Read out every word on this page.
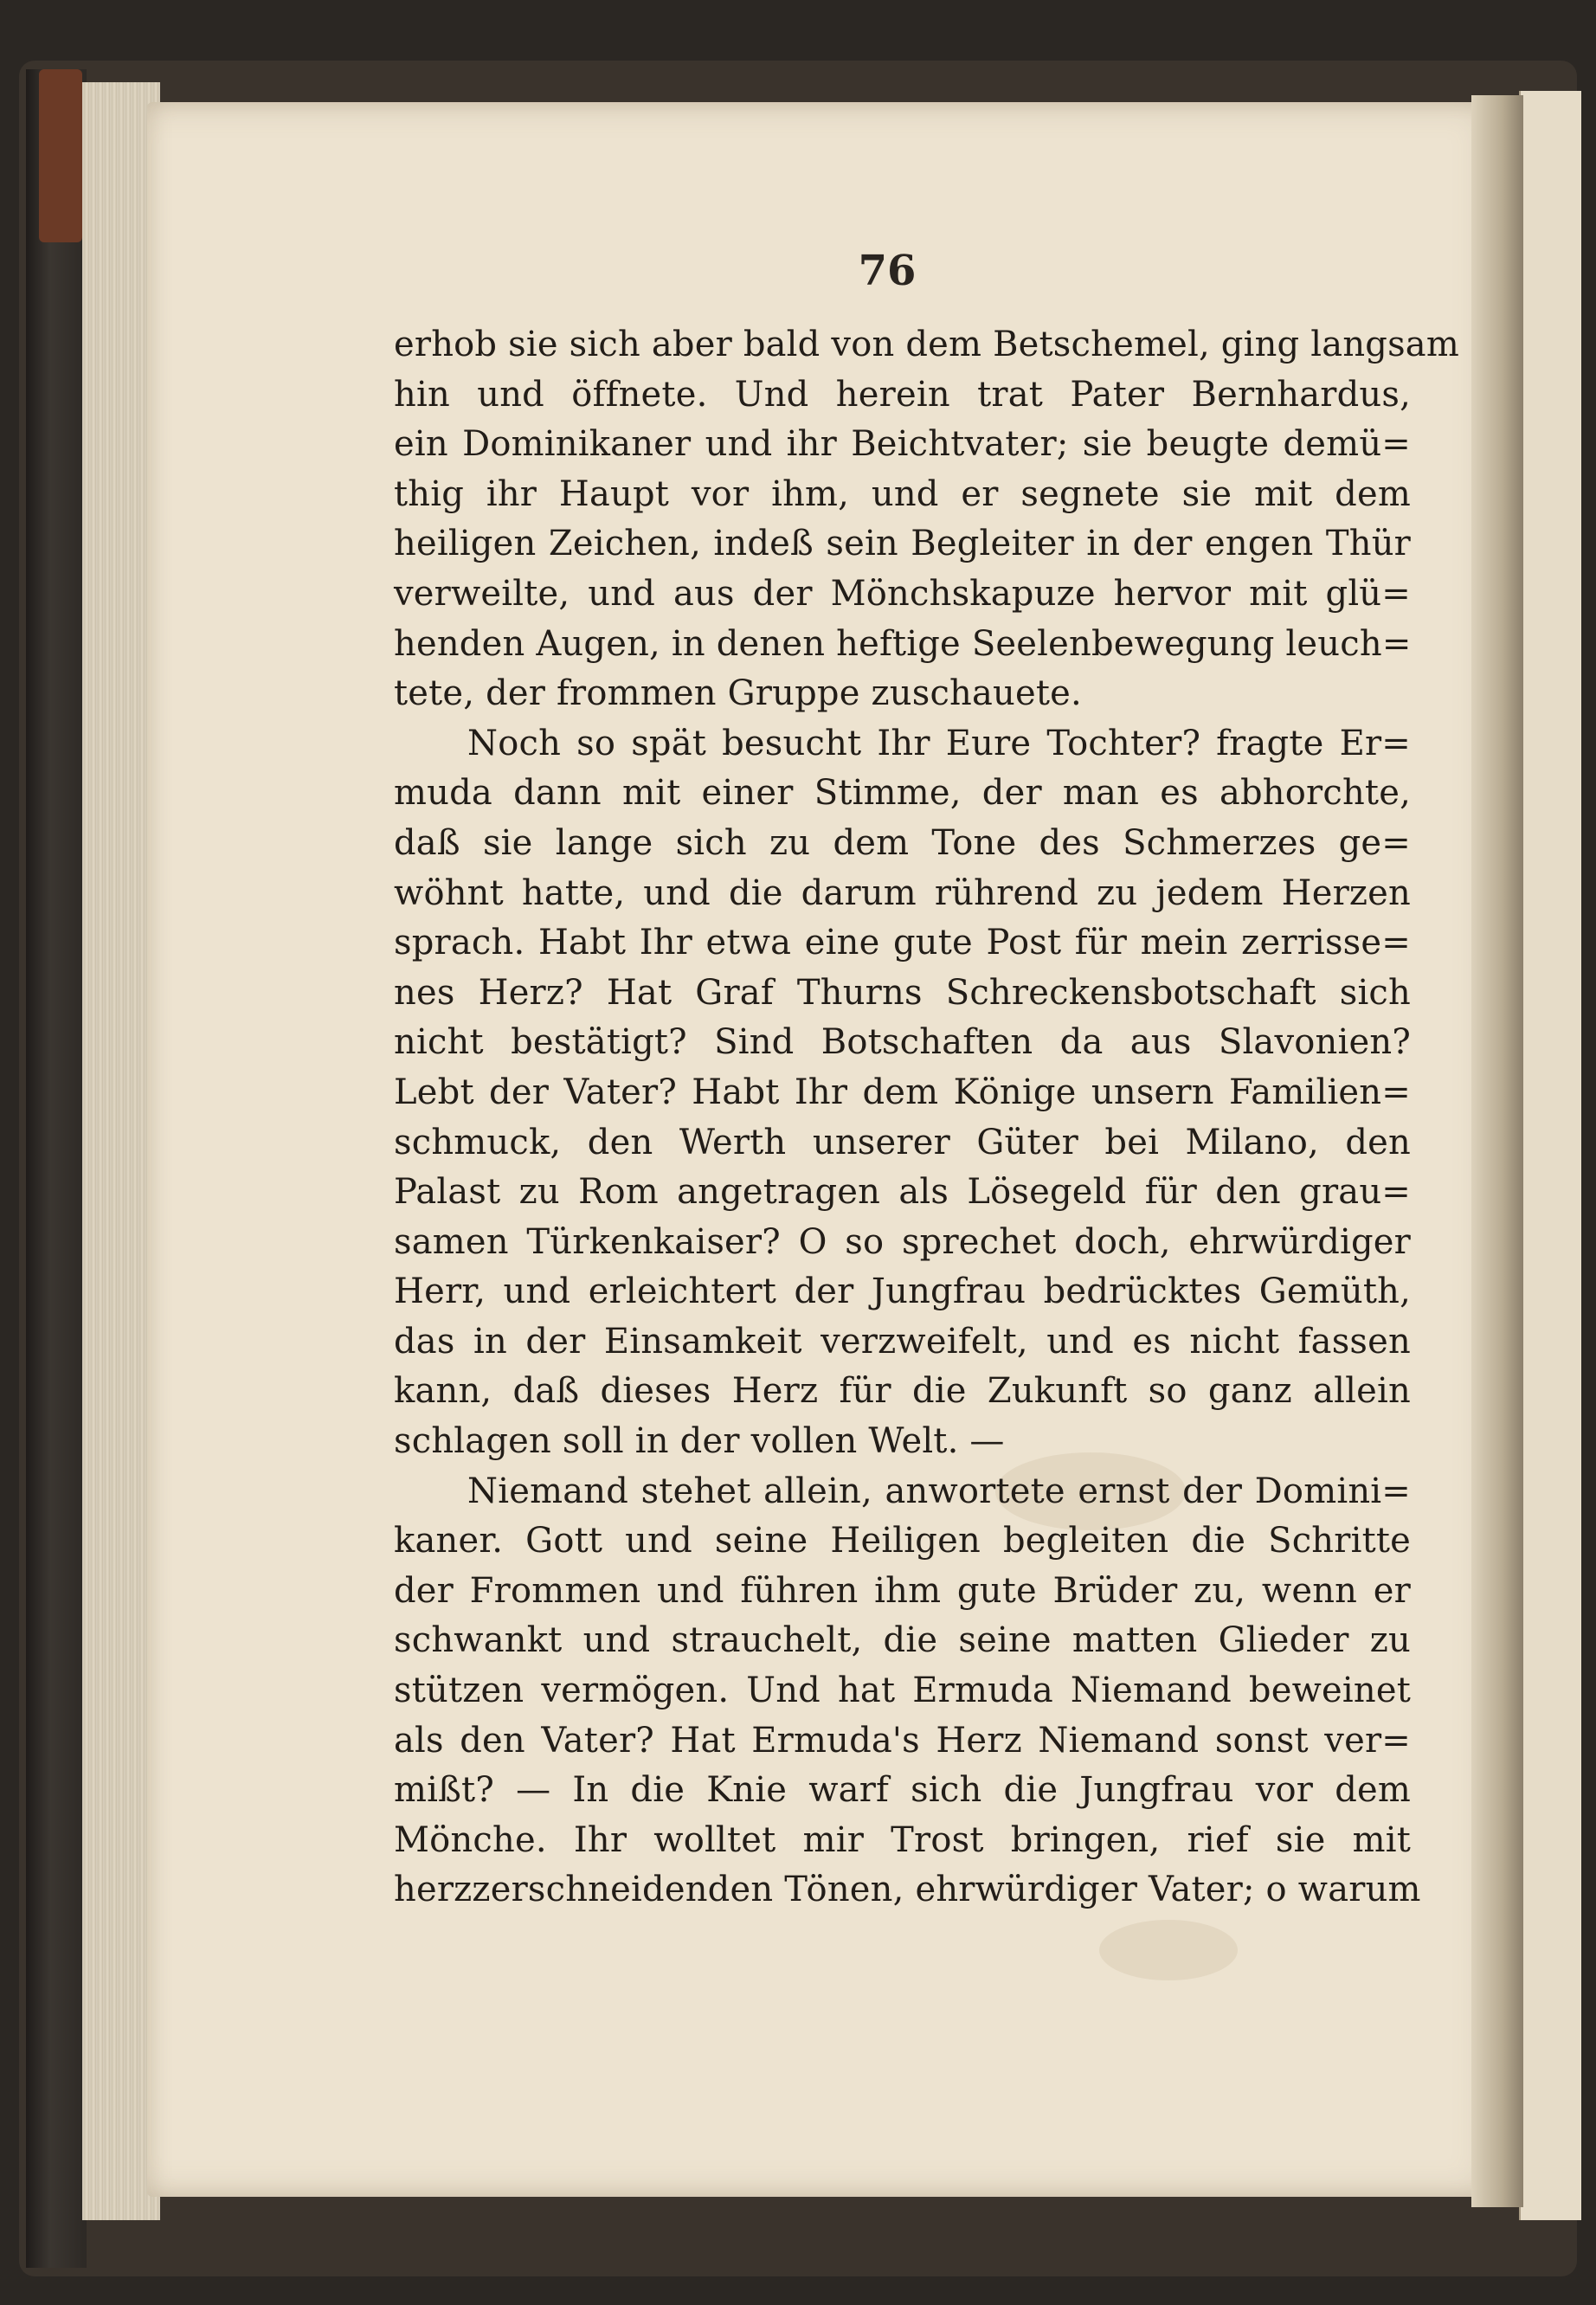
76
erhob sie sich aber bald von dem Betschemel, ging langsam
hin und öffnete. Und herein trat Pater Bernhardus,
ein Dominikaner und ihr Beichtvater; sie beugte demü=
thig ihr Haupt vor ihm, und er segnete sie mit dem
heiligen Zeichen, indeß sein Begleiter in der engen Thür
verweilte, und aus der Mönchskapuze hervor mit glü=
henden Augen, in denen heftige Seelenbewegung leuch=
tete, der frommen Gruppe zuschauete.
Noch so spät besucht Ihr Eure Tochter? fragte Er=
muda dann mit einer Stimme, der man es abhorchte,
daß sie lange sich zu dem Tone des Schmerzes ge=
wöhnt hatte, und die darum rührend zu jedem Herzen
sprach. Habt Ihr etwa eine gute Post für mein zerrisse=
nes Herz? Hat Graf Thurns Schreckensbotschaft sich
nicht bestätigt? Sind Botschaften da aus Slavonien?
Lebt der Vater? Habt Ihr dem Könige unsern Familien=
schmuck, den Werth unserer Güter bei Milano, den
Palast zu Rom angetragen als Lösegeld für den grau=
samen Türkenkaiser? O so sprechet doch, ehrwürdiger
Herr, und erleichtert der Jungfrau bedrücktes Gemüth,
das in der Einsamkeit verzweifelt, und es nicht fassen
kann, daß dieses Herz für die Zukunft so ganz allein
schlagen soll in der vollen Welt. —
Niemand stehet allein, anwortete ernst der Domini=
kaner. Gott und seine Heiligen begleiten die Schritte
der Frommen und führen ihm gute Brüder zu, wenn er
schwankt und strauchelt, die seine matten Glieder zu
stützen vermögen. Und hat Ermuda Niemand beweinet
als den Vater? Hat Ermuda's Herz Niemand sonst ver=
mißt? — In die Knie warf sich die Jungfrau vor dem
Mönche. Ihr wolltet mir Trost bringen, rief sie mit
herzzerschneidenden Tönen, ehrwürdiger Vater; o warum
